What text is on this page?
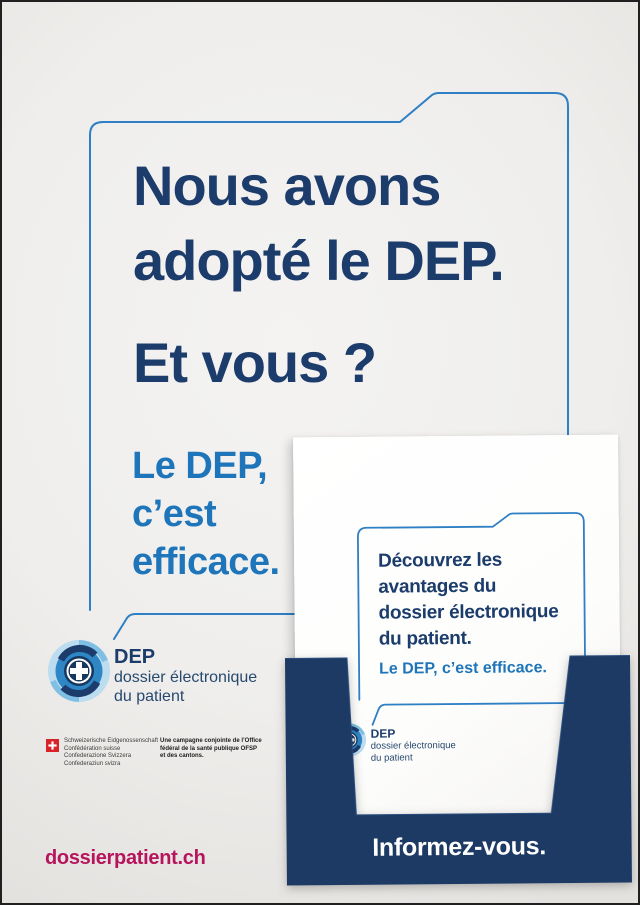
Nous avons
adopté le DEP.
Et vous ?
Le DEP,
c’est
efficace.
DEP
dossier électronique
du patient
Schweizerische Eidgenossenschaft
Confédération suisse
Confederazione Svizzera
Confederaziun svizra
Une campagne conjointe de l’Office
fédéral de la santé publique OFSP
et des cantons.
dossierpatient.ch
Découvrez les
avantages du
dossier électronique
du patient.
Le DEP, c’est efficace.
DEP
dossier électronique
du patient
Informez-vous.
